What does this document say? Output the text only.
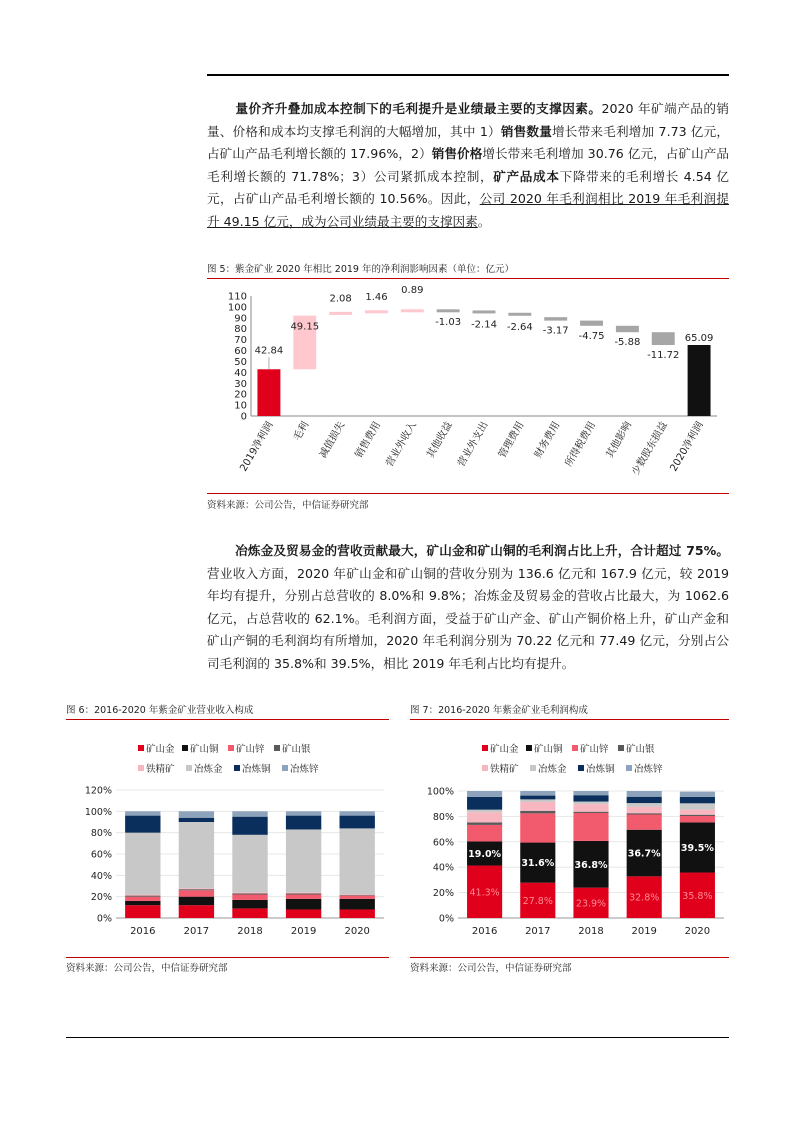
量价齐升叠加成本控制下的毛利提升是业绩最主要的支撑因素。2020 年矿端产品的销量、价格和成本均支撑毛利润的大幅增加，其中 1）销售数量增长带来毛利增加 7.73 亿元，占矿山产品毛利增长额的 17.96%，2）销售价格增长带来毛利增加 30.76 亿元，占矿山产品毛利增长额的 71.78%；3）公司紧抓成本控制，矿产品成本下降带来的毛利增长 4.54 亿元，占矿山产品毛利增长额的 10.56%。因此，公司 2020 年毛利润相比 2019 年毛利润提升 49.15 亿元，成为公司业绩最主要的支撑因素。

图 5：紫金矿业 2020 年相比 2019 年的净利润影响因素（单位：亿元）
0
10
20
30
40
50
60
70
80
90
100
110
42.84
2019净利润
49.15
毛利
2.08
减值损失
1.46
销售费用
0.89
营业外收入
-1.03
其他收益
-2.14
营业外支出
-2.64
管理费用
-3.17
财务费用
-4.75
所得税费用
-5.88
其他影响
-11.72
少数股东损益
65.09
2020净利润
资料来源：公司公告，中信证券研究部

冶炼金及贸易金的营收贡献最大，矿山金和矿山铜的毛利润占比上升，合计超过 75%。营业收入方面，2020 年矿山金和矿山铜的营收分别为 136.6 亿元和 167.9 亿元，较 2019 年均有提升，分别占总营收的 8.0%和 9.8%；冶炼金及贸易金的营收占比最大，为 1062.6 亿元，占总营收的 62.1%。毛利润方面，受益于矿山产金、矿山产铜价格上升，矿山产金和矿山产铜的毛利润均有所增加，2020 年毛利润分别为 70.22 亿元和 77.49 亿元，分别占公司毛利润的 35.8%和 39.5%，相比 2019 年毛利占比均有提升。

图 6：2016-2020 年紫金矿业营业收入构成
矿山金 矿山铜 矿山锌 矿山银
铁精矿 冶炼金 冶炼铜 冶炼锌
0%
20%
40%
60%
80%
100%
120%
2016	2017	2018	2019	2020
资料来源：公司公告，中信证券研究部
图 7：2016-2020 年紫金矿业毛利润构成
矿山金 矿山铜 矿山锌 矿山银
铁精矿 冶炼金 冶炼铜 冶炼锌
0%
20%
40%
60%
80%
100%
41.3%
19.0%
2016
27.8%
31.6%
2017
23.9%
36.8%
2018
32.8%
36.7%
2019
35.8%
39.5%
2020
资料来源：公司公告，中信证券研究部
